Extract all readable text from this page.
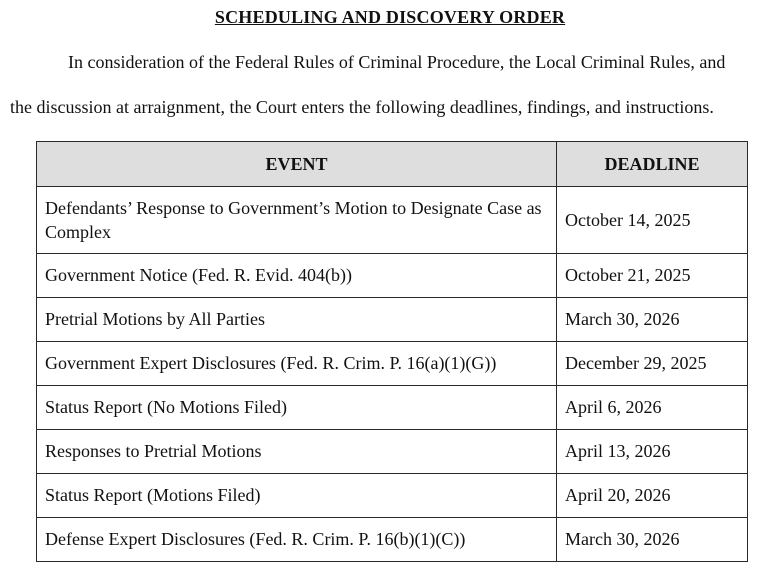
SCHEDULING AND DISCOVERY ORDER
In consideration of the Federal Rules of Criminal Procedure, the Local Criminal Rules, and
the discussion at arraignment, the Court enters the following deadlines, findings, and instructions.
EVENT	DEADLINE
Defendants’ Response to Government’s Motion to Designate Case as Complex	October 14, 2025
Government Notice (Fed. R. Evid. 404(b))	October 21, 2025
Pretrial Motions by All Parties	March 30, 2026
Government Expert Disclosures (Fed. R. Crim. P. 16(a)(1)(G))	December 29, 2025
Status Report (No Motions Filed)	April 6, 2026
Responses to Pretrial Motions	April 13, 2026
Status Report (Motions Filed)	April 20, 2026
Defense Expert Disclosures (Fed. R. Crim. P. 16(b)(1)(C))	March 30, 2026
